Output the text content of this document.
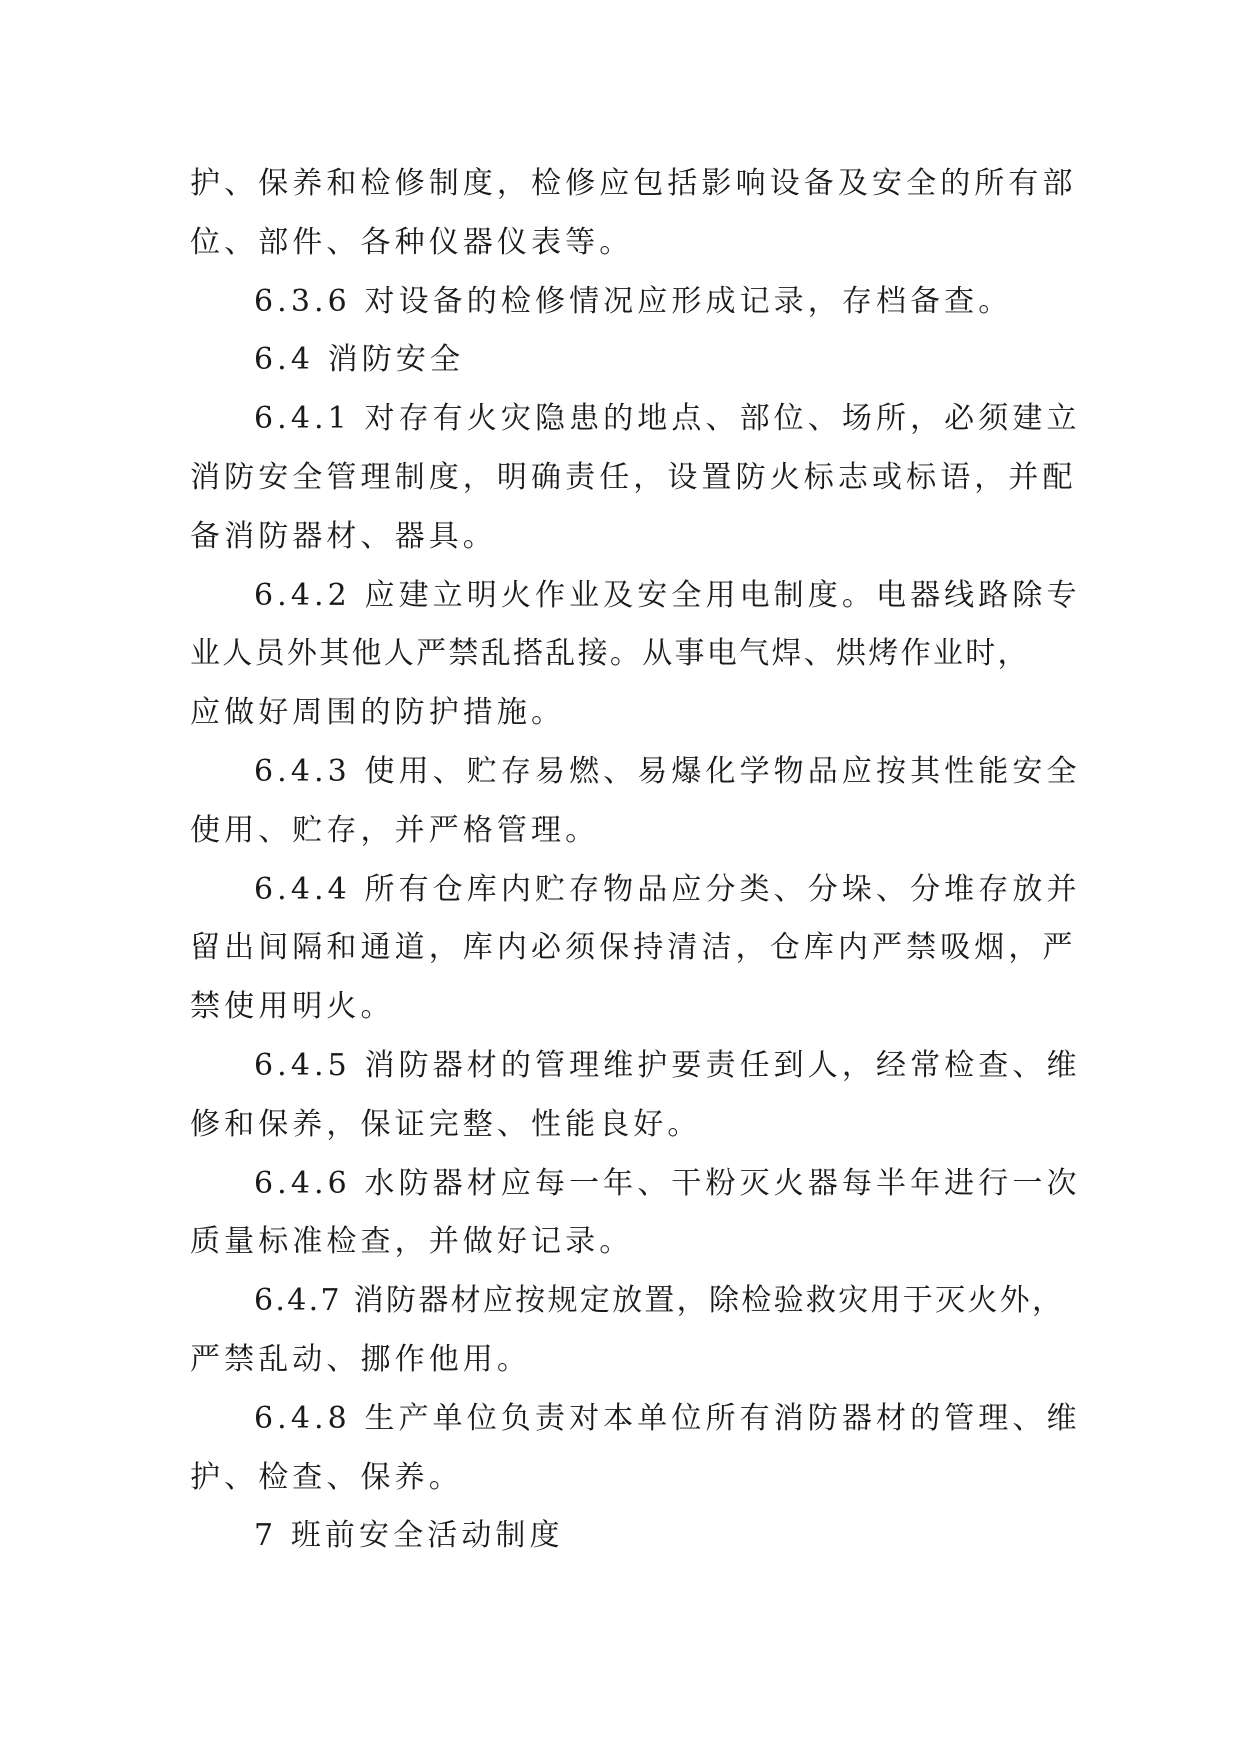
护、保养和检修制度，检修应包括影响设备及安全的所有部
位、部件、各种仪器仪表等。
6.3.6 对设备的检修情况应形成记录，存档备查。
6.4 消防安全
6.4.1 对存有火灾隐患的地点、部位、场所，必须建立
消防安全管理制度，明确责任，设置防火标志或标语，并配
备消防器材、器具。
6.4.2 应建立明火作业及安全用电制度。电器线路除专
业人员外其他人严禁乱搭乱接。从事电气焊、烘烤作业时，
应做好周围的防护措施。
6.4.3 使用、贮存易燃、易爆化学物品应按其性能安全
使用、贮存，并严格管理。
6.4.4 所有仓库内贮存物品应分类、分垛、分堆存放并
留出间隔和通道，库内必须保持清洁，仓库内严禁吸烟，严
禁使用明火。
6.4.5 消防器材的管理维护要责任到人，经常检查、维
修和保养，保证完整、性能良好。
6.4.6 水防器材应每一年、干粉灭火器每半年进行一次
质量标准检查，并做好记录。
6.4.7 消防器材应按规定放置，除检验救灾用于灭火外，
严禁乱动、挪作他用。
6.4.8 生产单位负责对本单位所有消防器材的管理、维
护、检查、保养。
7 班前安全活动制度
